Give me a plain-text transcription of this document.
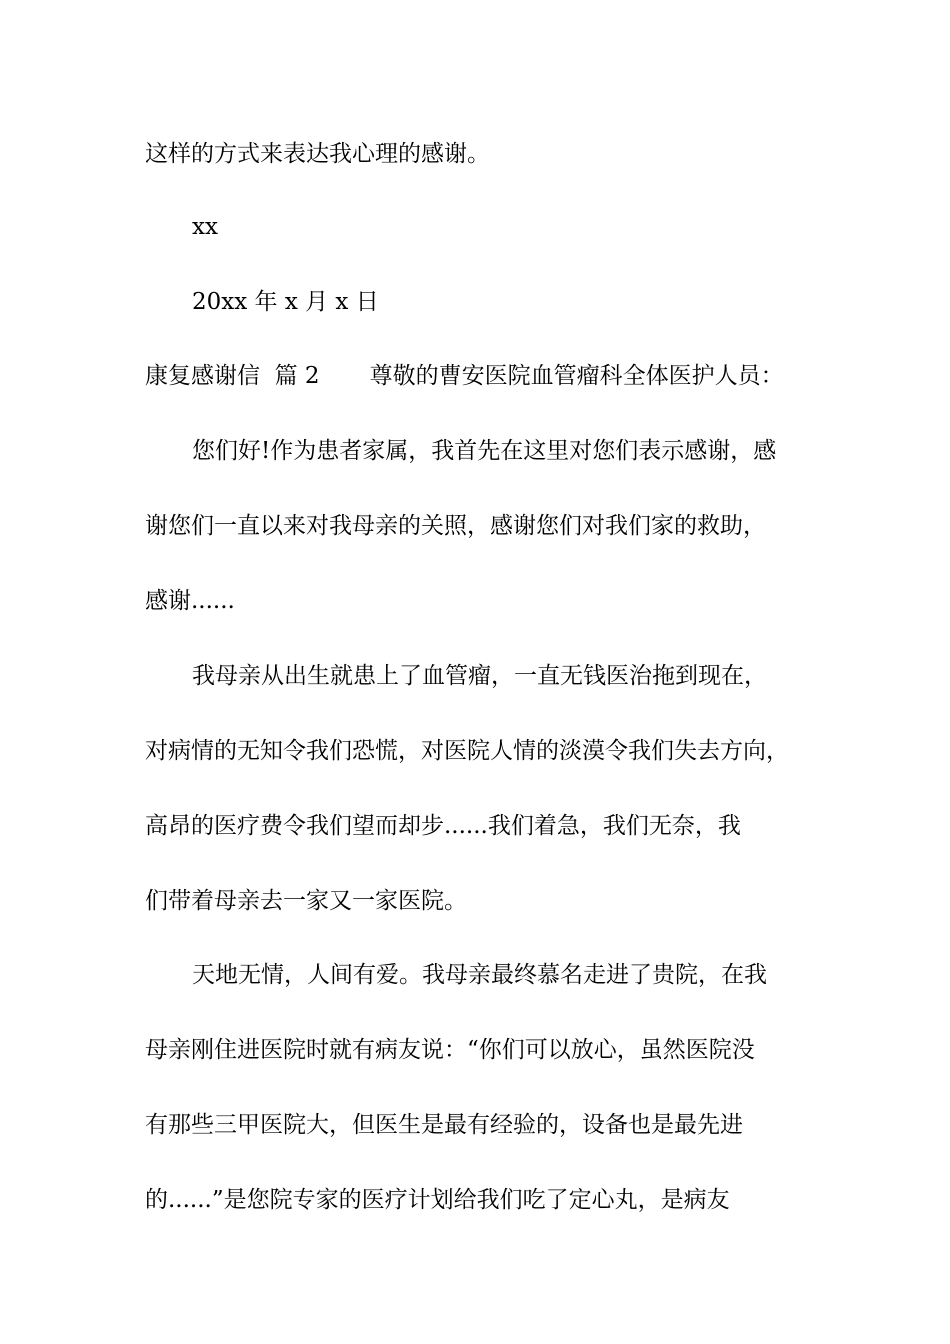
这样的方式来表达我心理的感谢。
xx
20xx 年 x 月 x 日
康复感谢信  篇 2 尊敬的曹安医院血管瘤科全体医护人员：
您们好!作为患者家属，我首先在这里对您们表示感谢，感
谢您们一直以来对我母亲的关照，感谢您们对我们家的救助，
感谢......
我母亲从出生就患上了血管瘤，一直无钱医治拖到现在，
对病情的无知令我们恐慌，对医院人情的淡漠令我们失去方向，
高昂的医疗费令我们望而却步......我们着急，我们无奈，我
们带着母亲去一家又一家医院。
天地无情，人间有爱。我母亲最终慕名走进了贵院，在我
母亲刚住进医院时就有病友说：“你们可以放心，虽然医院没
有那些三甲医院大，但医生是最有经验的，设备也是最先进
的......”是您院专家的医疗计划给我们吃了定心丸，是病友
